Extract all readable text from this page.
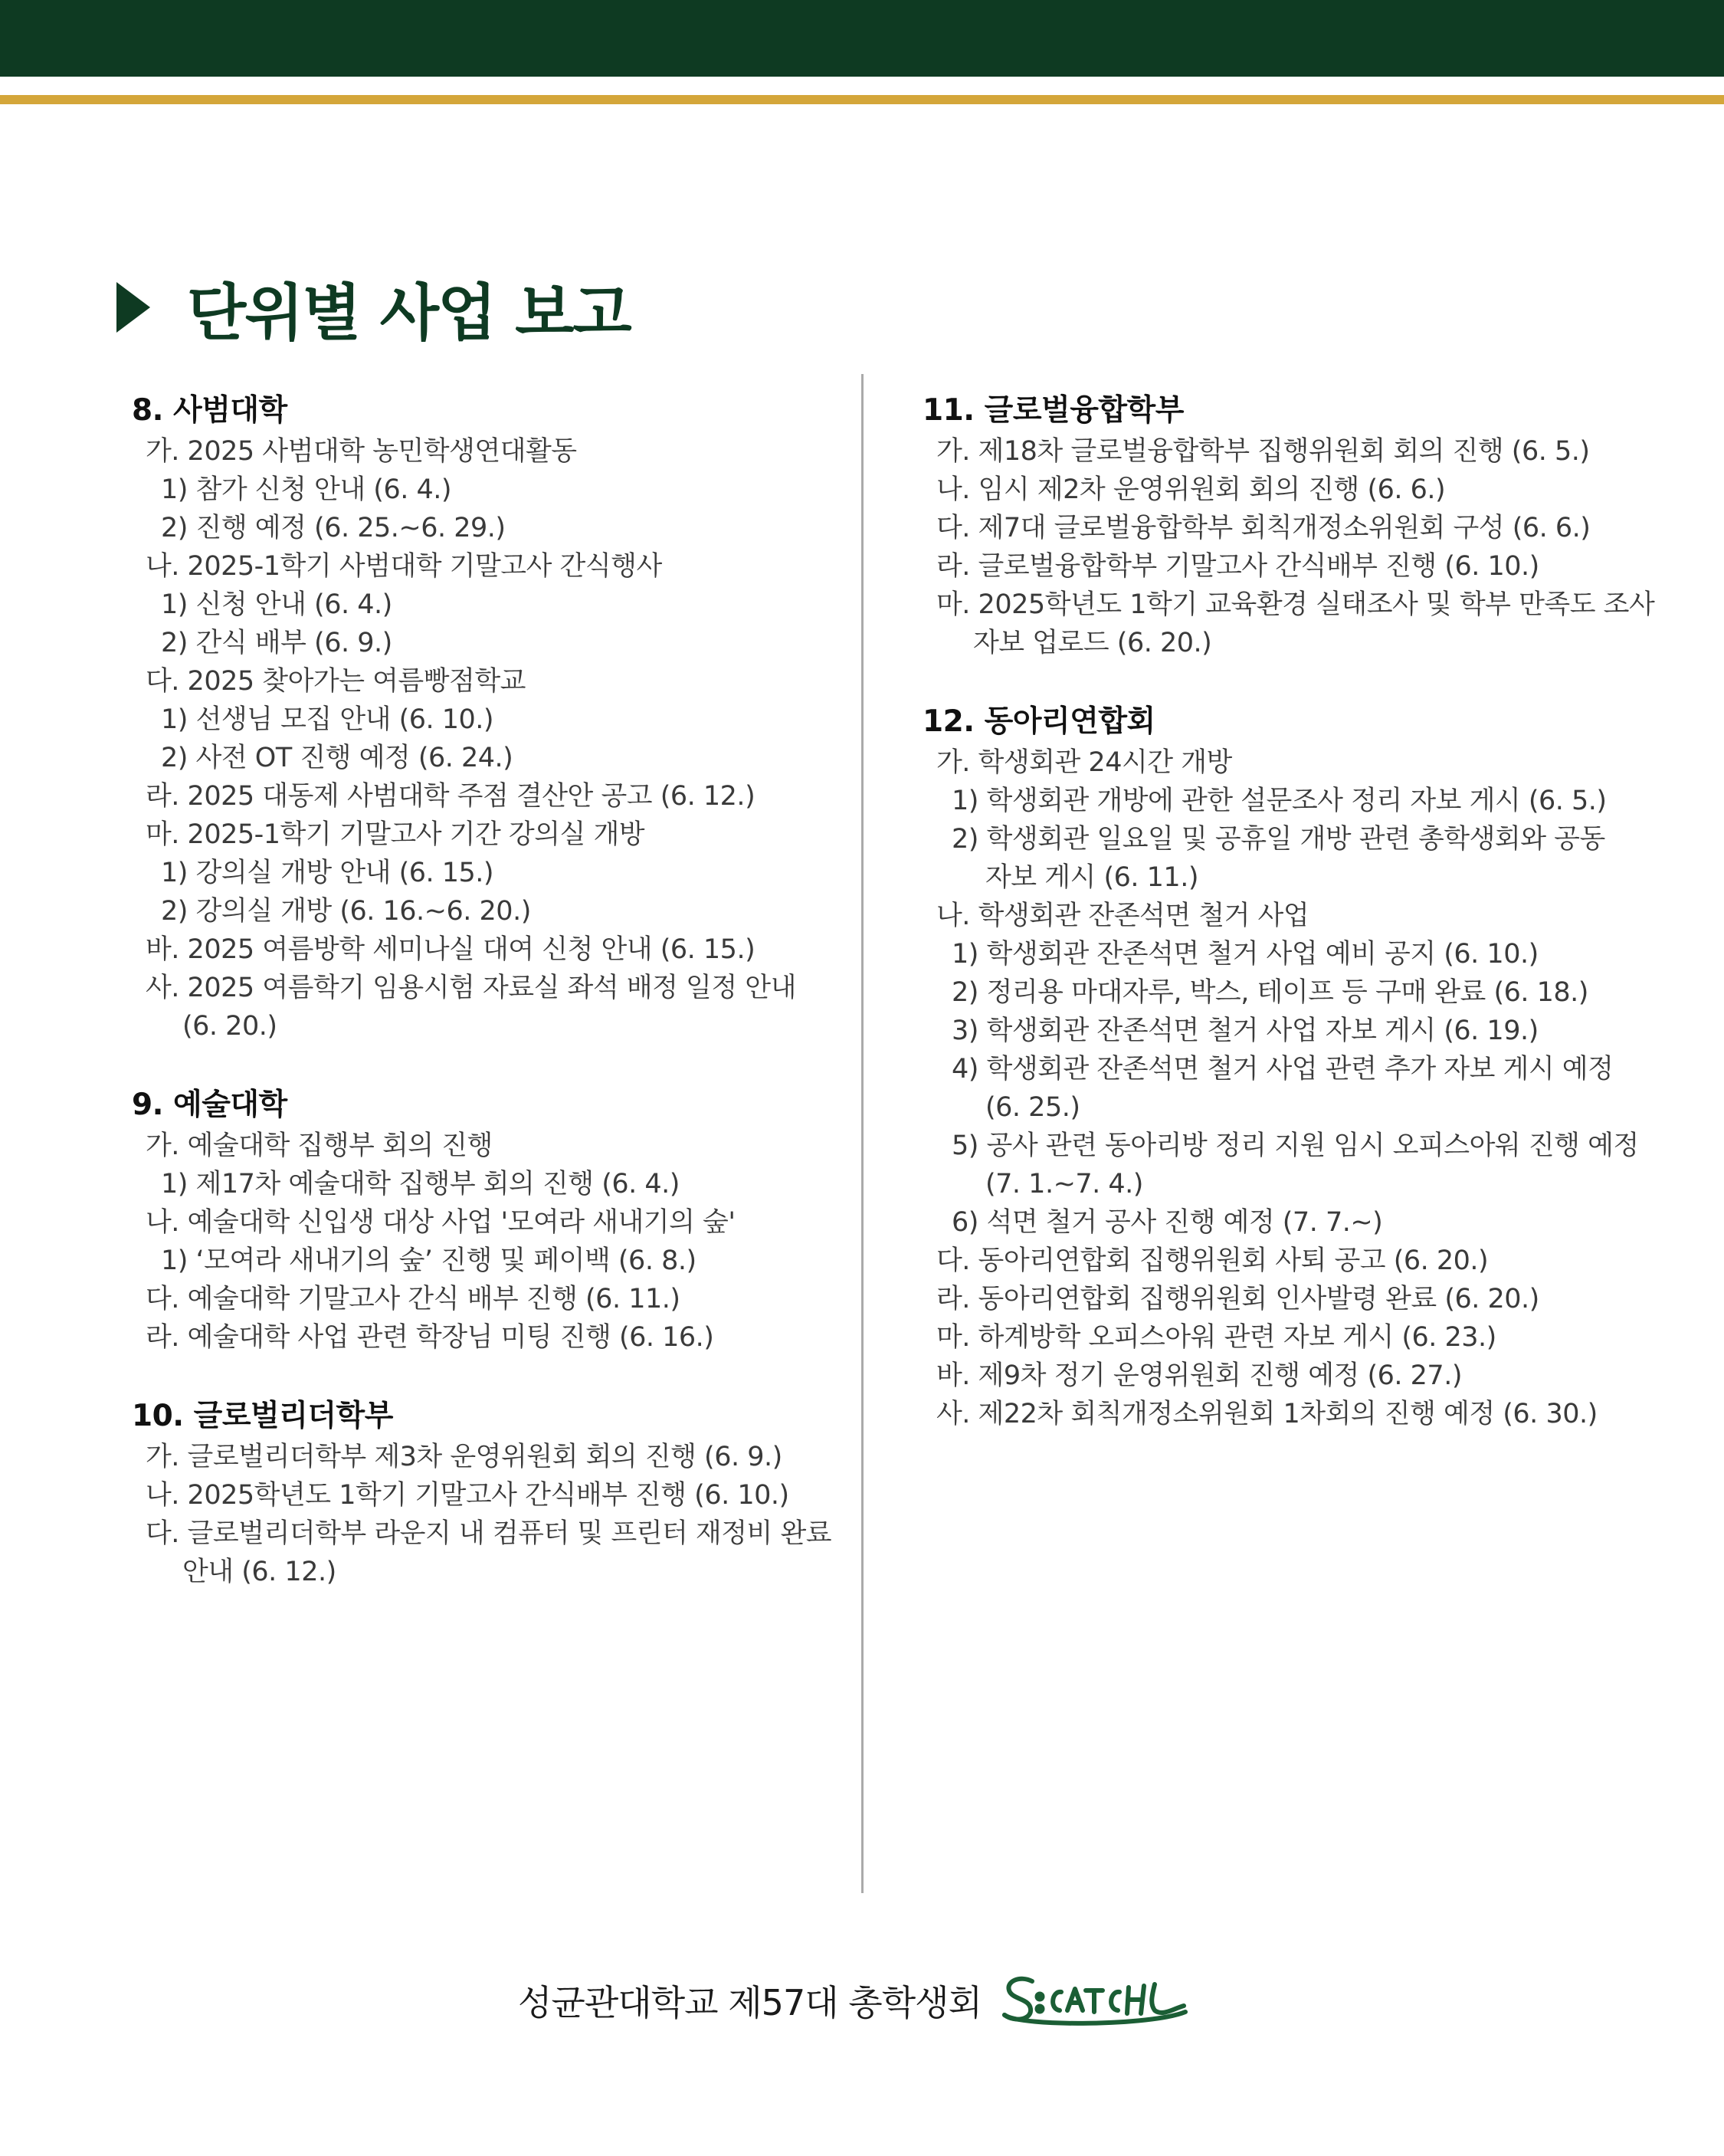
단위별 사업 보고
8. 사범대학
가. 2025 사범대학 농민학생연대활동
1) 참가 신청 안내 (6. 4.)
2) 진행 예정 (6. 25.~6. 29.)
나. 2025-1학기 사범대학 기말고사 간식행사
1) 신청 안내 (6. 4.)
2) 간식 배부 (6. 9.)
다. 2025 찾아가는 여름빵점학교
1) 선생님 모집 안내 (6. 10.)
2) 사전 OT 진행 예정 (6. 24.)
라. 2025 대동제 사범대학 주점 결산안 공고 (6. 12.)
마. 2025-1학기 기말고사 기간 강의실 개방
1) 강의실 개방 안내 (6. 15.)
2) 강의실 개방 (6. 16.~6. 20.)
바. 2025 여름방학 세미나실 대여 신청 안내 (6. 15.)
사. 2025 여름학기 임용시험 자료실 좌석 배정 일정 안내
(6. 20.)
9. 예술대학
가. 예술대학 집행부 회의 진행
1) 제17차 예술대학 집행부 회의 진행 (6. 4.)
나. 예술대학 신입생 대상 사업 '모여라 새내기의 숲'
1) ‘모여라 새내기의 숲’ 진행 및 페이백 (6. 8.)
다. 예술대학 기말고사 간식 배부 진행 (6. 11.)
라. 예술대학 사업 관련 학장님 미팅 진행 (6. 16.)
10. 글로벌리더학부
가. 글로벌리더학부 제3차 운영위원회 회의 진행 (6. 9.)
나. 2025학년도 1학기 기말고사 간식배부 진행 (6. 10.)
다. 글로벌리더학부 라운지 내 컴퓨터 및 프린터 재정비 완료
안내 (6. 12.)
11. 글로벌융합학부
가. 제18차 글로벌융합학부 집행위원회 회의 진행 (6. 5.)
나. 임시 제2차 운영위원회 회의 진행 (6. 6.)
다. 제7대 글로벌융합학부 회칙개정소위원회 구성 (6. 6.)
라. 글로벌융합학부 기말고사 간식배부 진행 (6. 10.)
마. 2025학년도 1학기 교육환경 실태조사 및 학부 만족도 조사
자보 업로드 (6. 20.)
12. 동아리연합회
가. 학생회관 24시간 개방
1) 학생회관 개방에 관한 설문조사 정리 자보 게시 (6. 5.)
2) 학생회관 일요일 및 공휴일 개방 관련 총학생회와 공동
자보 게시 (6. 11.)
나. 학생회관 잔존석면 철거 사업
1) 학생회관 잔존석면 철거 사업 예비 공지 (6. 10.)
2) 정리용 마대자루, 박스, 테이프 등 구매 완료 (6. 18.)
3) 학생회관 잔존석면 철거 사업 자보 게시 (6. 19.)
4) 학생회관 잔존석면 철거 사업 관련 추가 자보 게시 예정
(6. 25.)
5) 공사 관련 동아리방 정리 지원 임시 오피스아워 진행 예정
(7. 1.~7. 4.)
6) 석면 철거 공사 진행 예정 (7. 7.~)
다. 동아리연합회 집행위원회 사퇴 공고 (6. 20.)
라. 동아리연합회 집행위원회 인사발령 완료 (6. 20.)
마. 하계방학 오피스아워 관련 자보 게시 (6. 23.)
바. 제9차 정기 운영위원회 진행 예정 (6. 27.)
사. 제22차 회칙개정소위원회 1차회의 진행 예정 (6. 30.)
성균관대학교 제57대 총학생회
S:CATCH
